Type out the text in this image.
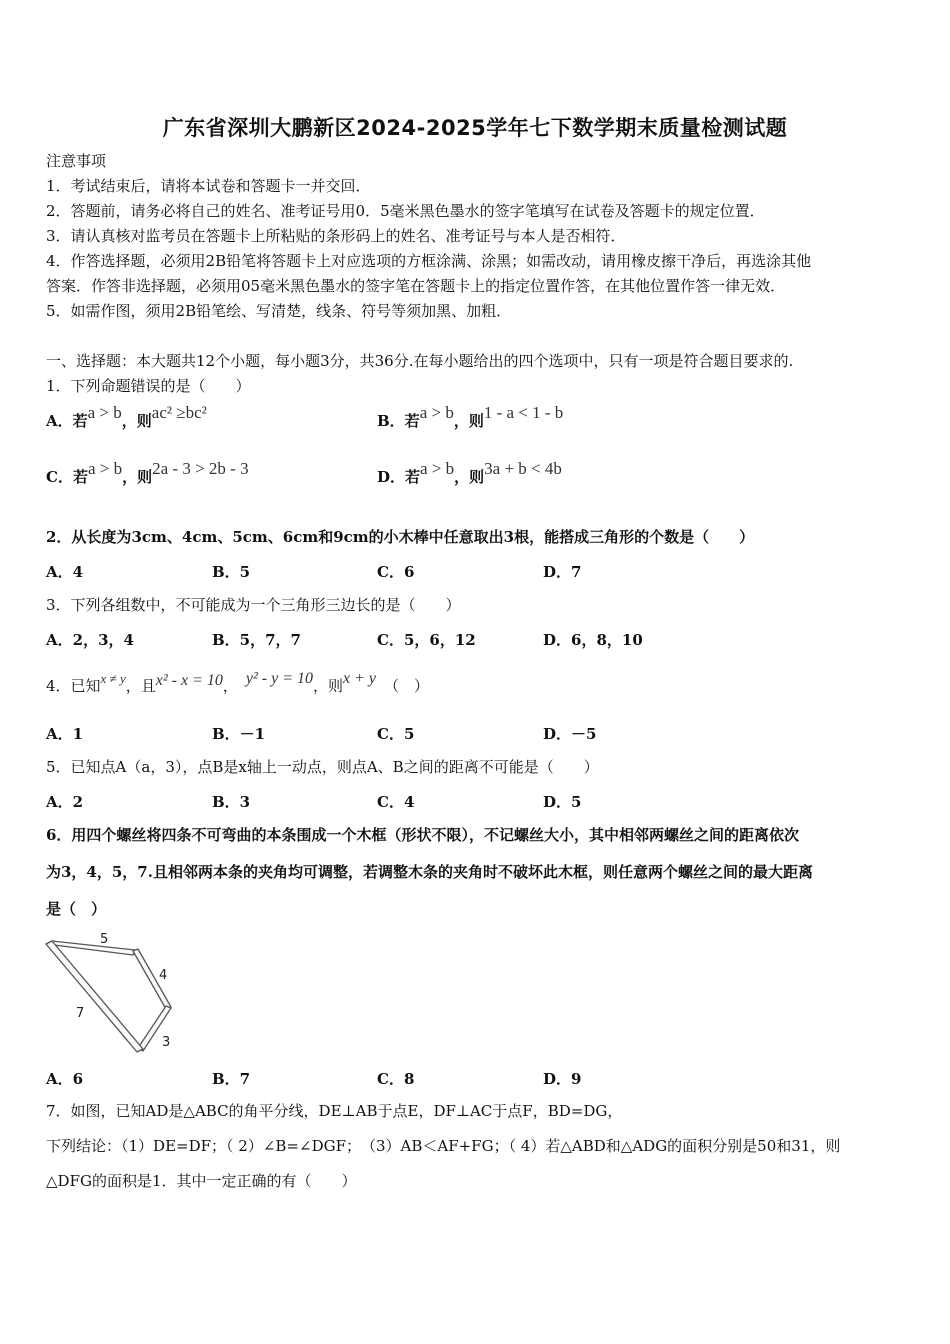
广东省深圳大鹏新区2024-2025学年七下数学期末质量检测试题
注意事项
1．考试结束后，请将本试卷和答题卡一并交回．
2．答题前，请务必将自己的姓名、准考证号用0．5毫米黑色墨水的签字笔填写在试卷及答题卡的规定位置．
3．请认真核对监考员在答题卡上所粘贴的条形码上的姓名、准考证号与本人是否相符．
4．作答选择题，必须用2B铅笔将答题卡上对应选项的方框涂满、涂黑；如需改动，请用橡皮擦干净后，再选涂其他
答案．作答非选择题，必须用05毫米黑色墨水的签字笔在答题卡上的指定位置作答，在其他位置作答一律无效．
5．如需作图，须用2B铅笔绘、写清楚，线条、符号等须加黑、加粗．
一、选择题：本大题共12个小题，每小题3分，共36分.在每小题给出的四个选项中，只有一项是符合题目要求的.
1．下列命题错误的是（　　）
A．若a > b，则ac² ≥bc²	B．若a > b，则1 - a < 1 - b
C．若a > b，则2a - 3 > 2b - 3	D．若a > b，则3a + b < 4b
2．从长度为3cm、4cm、5cm、6cm和9cm的小木棒中任意取出3根，能搭成三角形的个数是（　　）
A．4	B．5	C．6	D．7
3．下列各组数中，不可能成为一个三角形三边长的是（　　）
A．2，3，4	B．5，7，7	C．5，6，12	D．6，8，10
4．已知x ≠ y，且x² - x = 10， y² - y = 10，则x + y （　）
A．1	B．－1	C．5	D．－5
5．已知点A（a，3），点B是x轴上一动点，则点A、B之间的距离不可能是（　　）
A．2	B．3	C．4	D．5
6．用四个螺丝将四条不可弯曲的本条围成一个木框（形状不限），不记螺丝大小，其中相邻两螺丝之间的距离依次
为3，4，5，7.且相邻两本条的夹角均可调整，若调整木条的夹角时不破坏此木框，则任意两个螺丝之间的最大距离
是（　）
5
4
7
3
A．6	B．7	C．8	D．9
7．如图，已知AD是△ABC的角平分线，DE⊥AB于点E，DF⊥AC于点F，BD=DG，
下列结论：（1）DE=DF；（ 2）∠B=∠DGF；　（3）AB＜AF+FG；（ 4）若△ABD和△ADG的面积分别是50和31，则
△DFG的面积是1．其中一定正确的有（　　）
